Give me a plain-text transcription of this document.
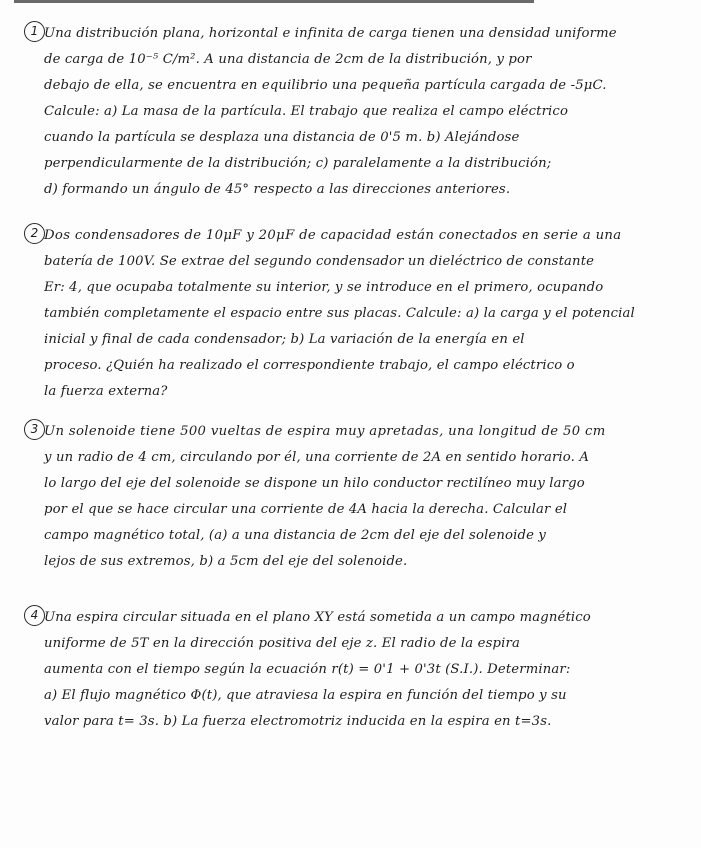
1 Una distribución plana, horizontal e infinita de carga tienen una densidad uniforme
de carga de 10⁻⁵ C/m². A una distancia de 2cm de la distribución, y por
debajo de ella, se encuentra en equilibrio una pequeña partícula cargada de -5μC.
Calcule: a) La masa de la partícula. El trabajo que realiza el campo eléctrico
cuando la partícula se desplaza una distancia de 0'5 m. b) Alejándose
perpendicularmente de la distribución; c) paralelamente a la distribución;
d) formando un ángulo de 45° respecto a las direcciones anteriores.
2 Dos condensadores de 10μF y 20μF de capacidad están conectados en serie a una
batería de 100V. Se extrae del segundo condensador un dieléctrico de constante
Er: 4, que ocupaba totalmente su interior, y se introduce en el primero, ocupando
también completamente el espacio entre sus placas. Calcule: a) la carga y el potencial
inicial y final de cada condensador; b) La variación de la energía en el
proceso. ¿Quién ha realizado el correspondiente trabajo, el campo eléctrico o
la fuerza externa?
3 Un solenoide tiene 500 vueltas de espira muy apretadas, una longitud de 50 cm
y un radio de 4 cm, circulando por él, una corriente de 2A en sentido horario. A
lo largo del eje del solenoide se dispone un hilo conductor rectilíneo muy largo
por el que se hace circular una corriente de 4A hacia la derecha. Calcular el
campo magnético total, (a) a una distancia de 2cm del eje del solenoide y
lejos de sus extremos, b) a 5cm del eje del solenoide.
4 Una espira circular situada en el plano XY está sometida a un campo magnético
uniforme de 5T en la dirección positiva del eje z. El radio de la espira
aumenta con el tiempo según la ecuación r(t) = 0'1 + 0'3t (S.I.). Determinar:
a) El flujo magnético Φ(t), que atraviesa la espira en función del tiempo y su
valor para t= 3s. b) La fuerza electromotriz inducida en la espira en t=3s.
